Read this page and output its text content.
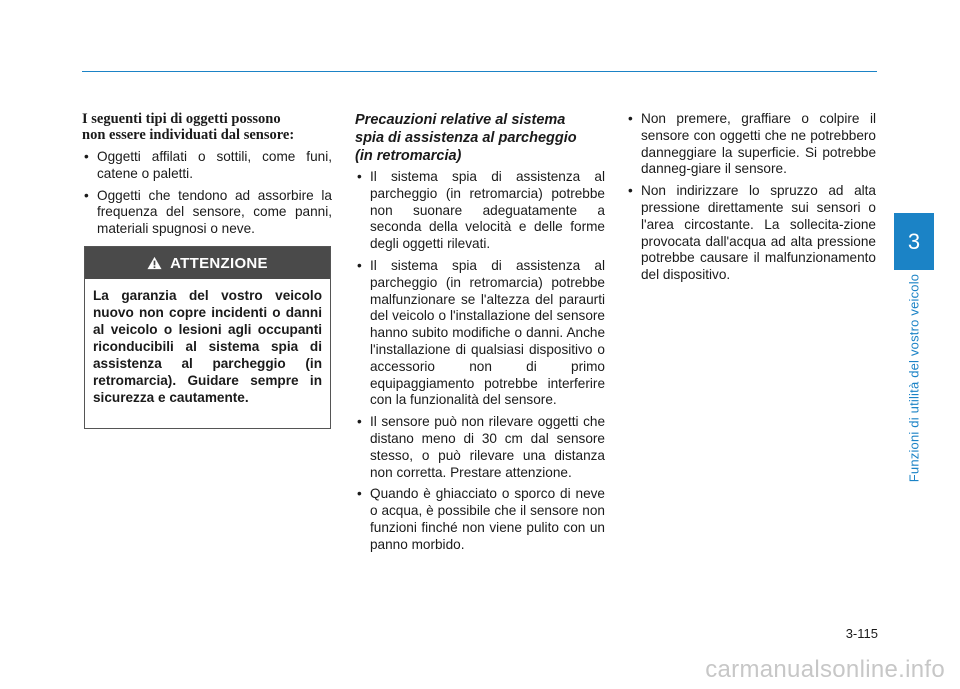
3
Funzioni di utilità del vostro veicolo

I seguenti tipi di oggetti possono
non essere individuati dal sensore:

• Oggetti affilati o sottili, come funi, catene o paletti.
• Oggetti che tendono ad assorbire la frequenza del sensore, come panni, materiali spugnosi o neve.
ATTENZIONE
La garanzia del vostro veicolo nuovo non copre incidenti o danni al veicolo o lesioni agli occupanti riconducibili al sistema spia di assistenza al parcheggio (in retromarcia). Guidare sempre in sicurezza e cautamente.

Precauzioni relative al sistema
spia di assistenza al parcheggio
(in retromarcia)

• Il sistema spia di assistenza al parcheggio (in retromarcia) potrebbe non suonare adeguatamente a seconda della velocità e delle forme degli oggetti rilevati.
• Il sistema spia di assistenza al parcheggio (in retromarcia) potrebbe malfunzionare se l'altezza del paraurti del veicolo o l'installazione del sensore hanno subito modifiche o danni. Anche l'installazione di qualsiasi dispositivo o accessorio non di primo equipaggiamento potrebbe interferire con la funzionalità del sensore.
• Il sensore può non rilevare oggetti che distano meno di 30 cm dal sensore stesso, o può rilevare una distanza non corretta. Prestare attenzione.
• Quando è ghiacciato o sporco di neve o acqua, è possibile che il sensore non funzioni finché non viene pulito con un panno morbido.
• Non premere, graffiare o colpire il sensore con oggetti che ne potrebbero danneggiare la superficie. Si potrebbe danneg-giare il sensore.
• Non indirizzare lo spruzzo ad alta pressione direttamente sui sensori o l'area circostante. La sollecita-zione provocata dall'acqua ad alta pressione potrebbe causare il malfunzionamento del dispositivo.
3-115
carmanualsonline.info
